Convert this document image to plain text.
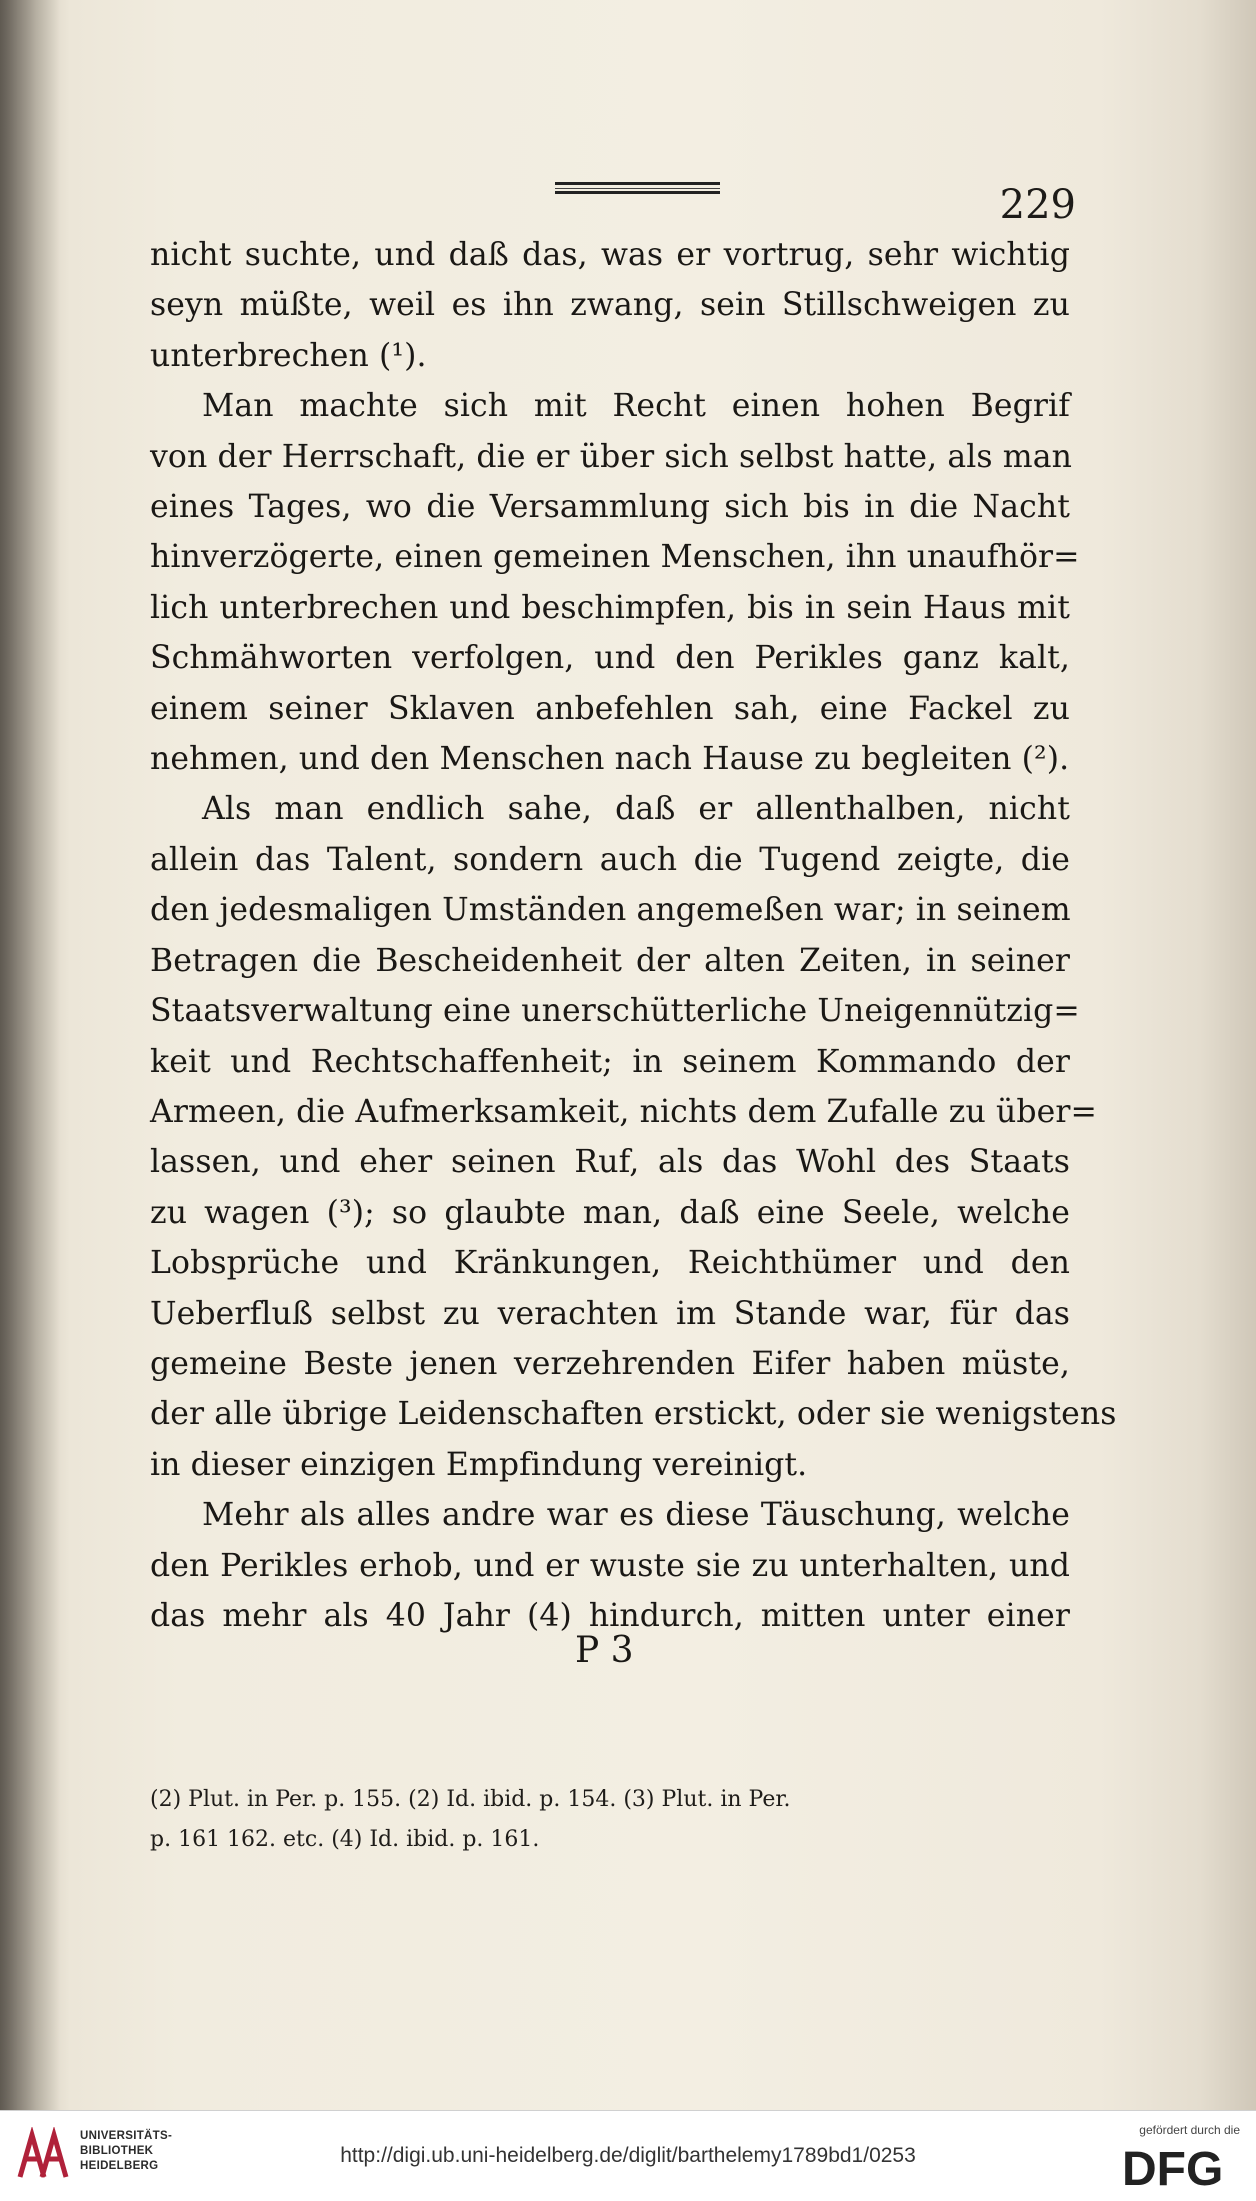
229
nicht suchte, und daß das, was er vortrug, sehr wichtig
seyn müßte, weil es ihn zwang, sein Stillschweigen zu
unterbrechen (¹).
Man machte sich mit Recht einen hohen Begrif
von der Herrschaft, die er über sich selbst hatte, als man
eines Tages, wo die Versammlung sich bis in die Nacht
hinverzögerte, einen gemeinen Menschen, ihn unaufhör=
lich unterbrechen und beschimpfen, bis in sein Haus mit
Schmähworten verfolgen, und den Perikles ganz kalt,
einem seiner Sklaven anbefehlen sah, eine Fackel zu
nehmen, und den Menschen nach Hause zu begleiten (²).
Als man endlich sahe, daß er allenthalben, nicht
allein das Talent, sondern auch die Tugend zeigte, die
den jedesmaligen Umständen angemeßen war; in seinem
Betragen die Bescheidenheit der alten Zeiten, in seiner
Staatsverwaltung eine unerschütterliche Uneigennützig=
keit und Rechtschaffenheit; in seinem Kommando der
Armeen, die Aufmerksamkeit, nichts dem Zufalle zu über=
lassen, und eher seinen Ruf, als das Wohl des Staats
zu wagen (³); so glaubte man, daß eine Seele, welche
Lobsprüche und Kränkungen, Reichthümer und den
Ueberfluß selbst zu verachten im Stande war, für das
gemeine Beste jenen verzehrenden Eifer haben müste,
der alle übrige Leidenschaften erstickt, oder sie wenigstens
in dieser einzigen Empfindung vereinigt.
Mehr als alles andre war es diese Täuschung, welche
den Perikles erhob, und er wuste sie zu unterhalten, und
das mehr als 40 Jahr (4) hindurch, mitten unter einer
P 3
(2) Plut. in Per. p. 155. (2) Id. ibid. p. 154. (3) Plut. in Per.
p. 161 162. etc. (4) Id. ibid. p. 161.
UNIVERSITÄTS-
BIBLIOTHEK
HEIDELBERG	http://digi.ub.uni-heidelberg.de/diglit/barthelemy1789bd1/0253
gefördert durch die
DFG
